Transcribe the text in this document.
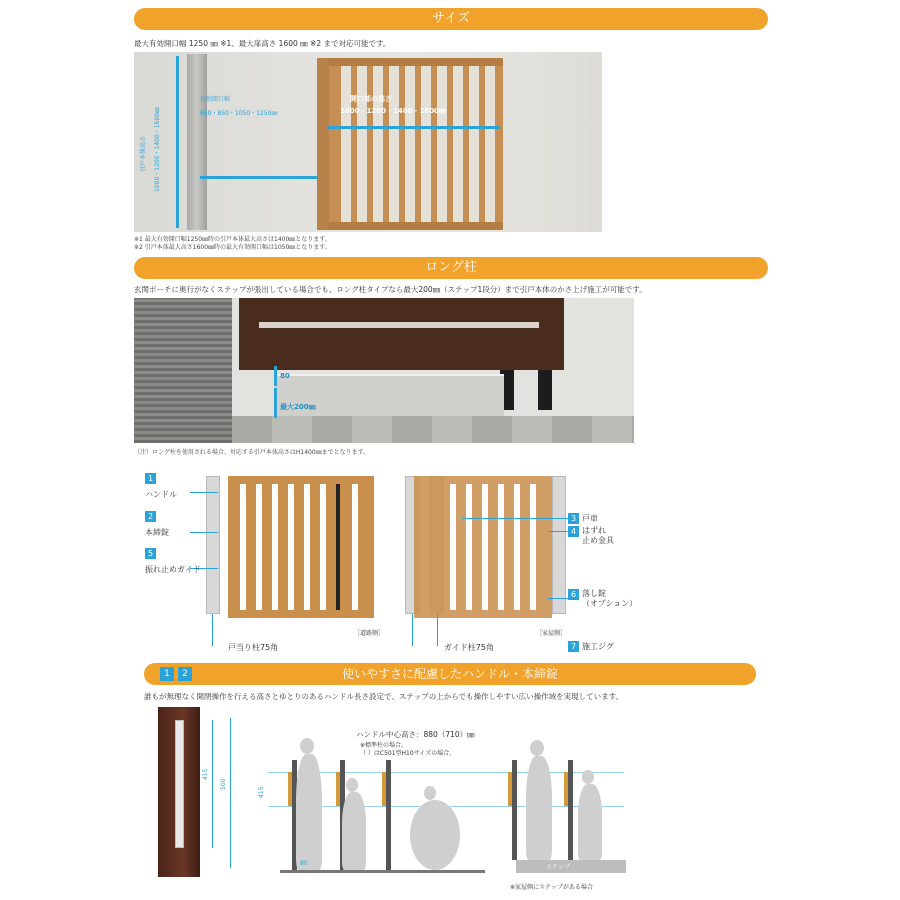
サイズ
最大有効開口幅 1250 ㎜ ※1、最大扉高さ 1600 ㎜ ※2 まで対応可能です。
有効開口幅
650・850・1050・1250㎜
引戸本体高さ	1000・1200・1400・1600㎜
開口部の高さ
1000・1200・1400・1600㎜
※1 最大有効開口幅1250㎜時の引戸本体最大高さは1400㎜となります。
※2 引戸本体最大高さ1600㎜時の最大有効開口幅は1050㎜となります。
ロング柱
玄関ポーチに奥行がなくステップが張出している場合でも、ロング柱タイプなら最大200㎜（ステップ1段分）まで引戸本体のかさ上げ施工が可能です。
80
最大200㎜
（注）ロング柱を使用される場合、対応する引戸本体高さはH1400㎜までとなります。
1
ハンドル
2
本締錠
5
振れ止めガイド
戸当り柱75角
［道路側］
3 戸車
4 はずれ
止め金具
6 落し錠
（オプション）
7 施工ジグ
ガイド柱75角
［家屋側］
1	2	使いやすさに配慮したハンドル・本締錠
誰もが無理なく開閉操作を行える高さとゆとりのあるハンドル長さ設定で、ステップの上からでも操作しやすい広い操作域を実現しています。
415
500
ハンドル中心高さ：880（710）㎜
※標準柱の場合。
（ ）はC501型H10サイズの場合。
415
ステップ
80
※家屋側にステップがある場合
